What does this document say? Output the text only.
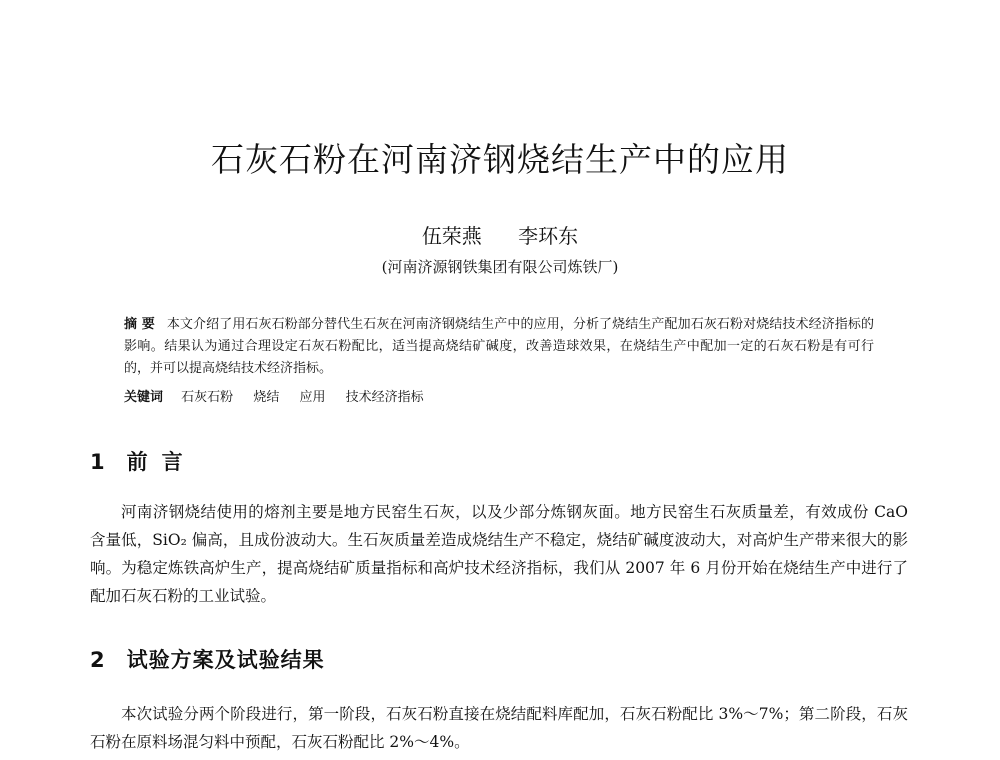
石灰石粉在河南济钢烧结生产中的应用
伍荣燕 李环东
(河南济源钢铁集团有限公司炼铁厂)
摘 要 本文介绍了用石灰石粉部分替代生石灰在河南济钢烧结生产中的应用，分析了烧结生产配加石灰石粉对烧结技术经济指标的影响。结果认为通过合理设定石灰石粉配比，适当提高烧结矿碱度，改善造球效果，在烧结生产中配加一定的石灰石粉是有可行的，并可以提高烧结技术经济指标。
关键词 石灰石粉 烧结 应用 技术经济指标
1 前言
河南济钢烧结使用的熔剂主要是地方民窑生石灰，以及少部分炼钢灰面。地方民窑生石灰质量差，有效成份 CaO 含量低，SiO₂ 偏高，且成份波动大。生石灰质量差造成烧结生产不稳定，烧结矿碱度波动大，对高炉生产带来很大的影响。为稳定炼铁高炉生产，提高烧结矿质量指标和高炉技术经济指标，我们从 2007 年 6 月份开始在烧结生产中进行了配加石灰石粉的工业试验。
2 试验方案及试验结果
本次试验分两个阶段进行，第一阶段，石灰石粉直接在烧结配料库配加，石灰石粉配比 3%～7%；第二阶段，石灰石粉在原料场混匀料中预配，石灰石粉配比 2%～4%。
